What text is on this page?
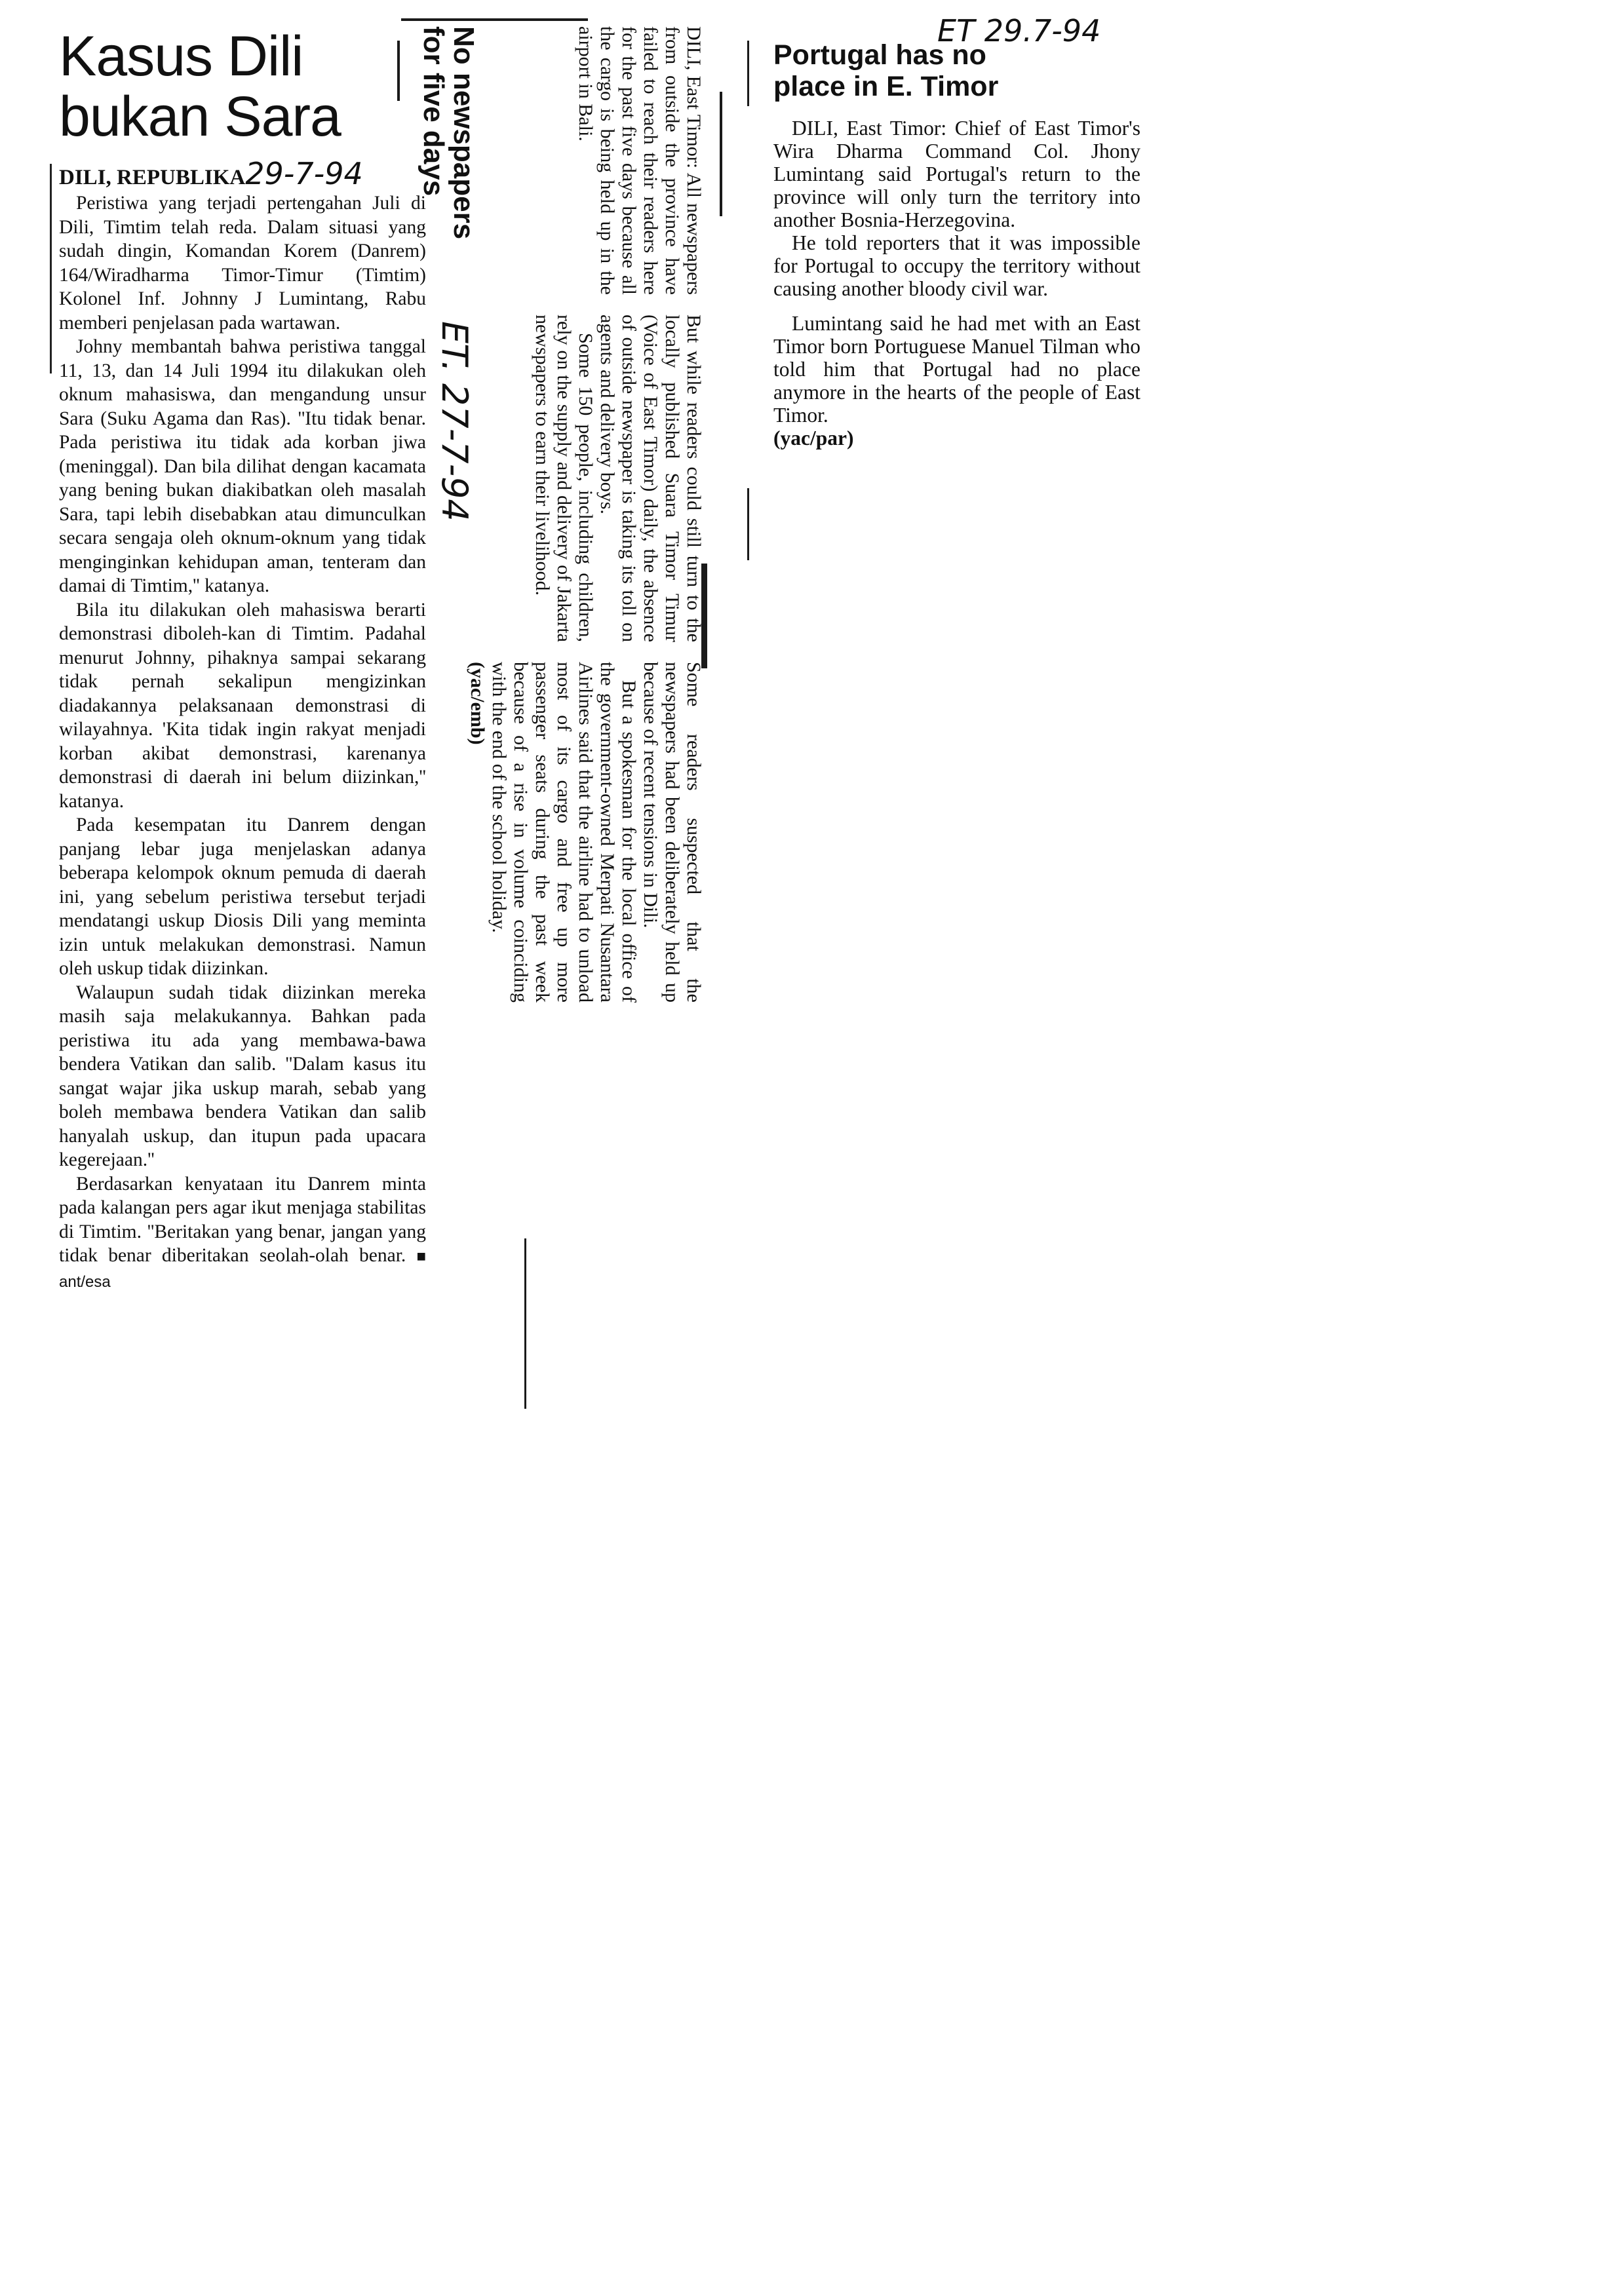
Kasus Dili
bukan Sara
DILI, REPUBLIKA29-7-94

Peristiwa yang terjadi pertengahan Juli di Dili, Timtim telah reda. Dalam situasi yang sudah dingin, Komandan Korem (Danrem) 164/Wiradharma Timor-Timur (Timtim) Kolonel Inf. Johnny J Lumintang, Rabu memberi penjelasan pada wartawan.

Johny membantah bahwa peristiwa tanggal 11, 13, dan 14 Juli 1994 itu dilakukan oleh oknum mahasiswa, dan mengandung unsur Sara (Suku Agama dan Ras). ''Itu tidak benar. Pada peristiwa itu tidak ada korban jiwa (meninggal). Dan bila dilihat dengan kacamata yang bening bukan diakibatkan oleh masalah Sara, tapi lebih disebabkan atau dimunculkan secara sengaja oleh oknum-oknum yang tidak menginginkan kehidupan aman, tenteram dan damai di Timtim,'' katanya.

Bila itu dilakukan oleh mahasiswa berarti demonstrasi diboleh-kan di Timtim. Padahal menurut Johnny, pihaknya sampai sekarang tidak pernah sekalipun mengizinkan diadakannya pelaksanaan demonstrasi di wilayahnya. 'Kita tidak ingin rakyat menjadi korban akibat demonstrasi, karenanya demonstrasi di daerah ini belum diizinkan,'' katanya.

Pada kesempatan itu Danrem dengan panjang lebar juga menjelaskan adanya beberapa kelompok oknum pemuda di daerah ini, yang sebelum peristiwa tersebut terjadi mendatangi uskup Diosis Dili yang meminta izin untuk melakukan demonstrasi. Namun oleh uskup tidak diizinkan.

Walaupun sudah tidak diizinkan mereka masih saja melakukannya. Bahkan pada peristiwa itu ada yang membawa-bawa bendera Vatikan dan salib. ''Dalam kasus itu sangat wajar jika uskup marah, sebab yang boleh membawa bendera Vatikan dan salib hanyalah uskup, dan itupun pada upacara kegerejaan.''

Berdasarkan kenyataan itu Danrem minta pada kalangan pers agar ikut menjaga stabilitas di Timtim. ''Beritakan yang benar, jangan yang tidak benar diberitakan seolah-olah benar. ■ ant/esa

No newspapers
for five days
ET. 27-7-94

DILI, East Timor: All newspapers from outside the province have failed to reach their readers here for the past five days because all the cargo is being held up in the airport in Bali.

But while readers could still turn to the locally published Suara Timor Timur (Voice of East Timor) daily, the absence of outside newspaper is taking its toll on agents and delivery boys.

Some 150 people, including children, rely on the supply and delivery of Jakarta newspapers to earn their livelihood.

Some readers suspected that the newspapers had been deliberately held up because of recent tensions in Dili.

But a spokesman for the local office of the government-owned Merpati Nusantara Airlines said that the airline had to unload most of its cargo and free up more passenger seats during the past week because of a rise in volume coinciding with the end of the school holiday.

(yac/emb)

Portugal has no
place in E. Timor
ET 29.7-94

DILI, East Timor: Chief of East Timor's Wira Dharma Command Col. Jhony Lumintang said Portugal's return to the province will only turn the territory into another Bosnia-Herzegovina.

He told reporters that it was impossible for Portugal to occupy the territory without causing another bloody civil war.

Lumintang said he had met with an East Timor born Portuguese Manuel Tilman who told him that Portugal had no place anymore in the hearts of the people of East Timor.

(yac/par)
